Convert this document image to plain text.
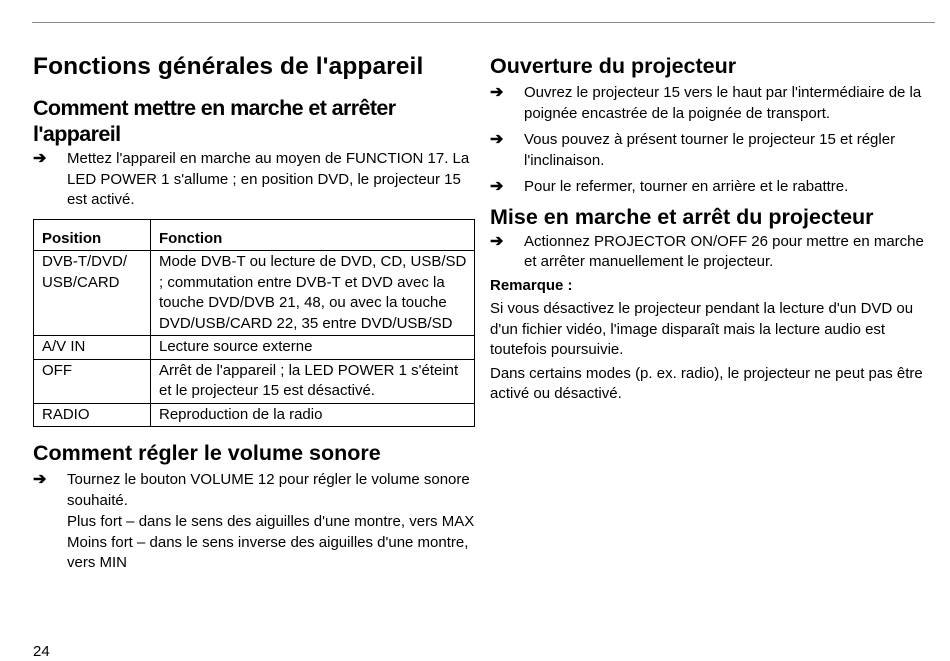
Fonctions générales de l'appareil
Comment mettre en marche et arrêter l'appareil
➔ Mettez l'appareil en marche au moyen de FUNCTION 17. La LED POWER 1 s'allume ; en position DVD, le projecteur 15 est activé.
Position	Fonction
DVB-T/DVD/ USB/CARD	Mode DVB-T ou lecture de DVD, CD, USB/SD ; commutation entre DVB-T et DVD avec la touche DVD/DVB 21, 48, ou avec la touche DVD/USB/CARD 22, 35 entre DVD/USB/SD
A/V IN	Lecture source externe
OFF	Arrêt de l'appareil ; la LED POWER 1 s'éteint et le projecteur 15 est désactivé.
RADIO	Reproduction de la radio
Comment régler le volume sonore
➔ Tournez le bouton VOLUME 12 pour régler le volume sonore souhaité.
Plus fort – dans le sens des aiguilles d'une montre, vers MAX
Moins fort – dans le sens inverse des aiguilles d'une montre, vers MIN
Ouverture du projecteur
➔ Ouvrez le projecteur 15 vers le haut par l'intermédiaire de la poignée encastrée de la poignée de transport.
➔ Vous pouvez à présent tourner le projecteur 15 et régler l'inclinaison.
➔ Pour le refermer, tourner en arrière et le rabattre.
Mise en marche et arrêt du projecteur
➔ Actionnez PROJECTOR ON/OFF 26 pour mettre en marche et arrêter manuellement le projecteur.
Remarque :
Si vous désactivez le projecteur pendant la lecture d'un DVD ou d'un fichier vidéo, l'image disparaît mais la lecture audio est toutefois poursuivie.
Dans certains modes (p. ex. radio), le projecteur ne peut pas être activé ou désactivé.
24
